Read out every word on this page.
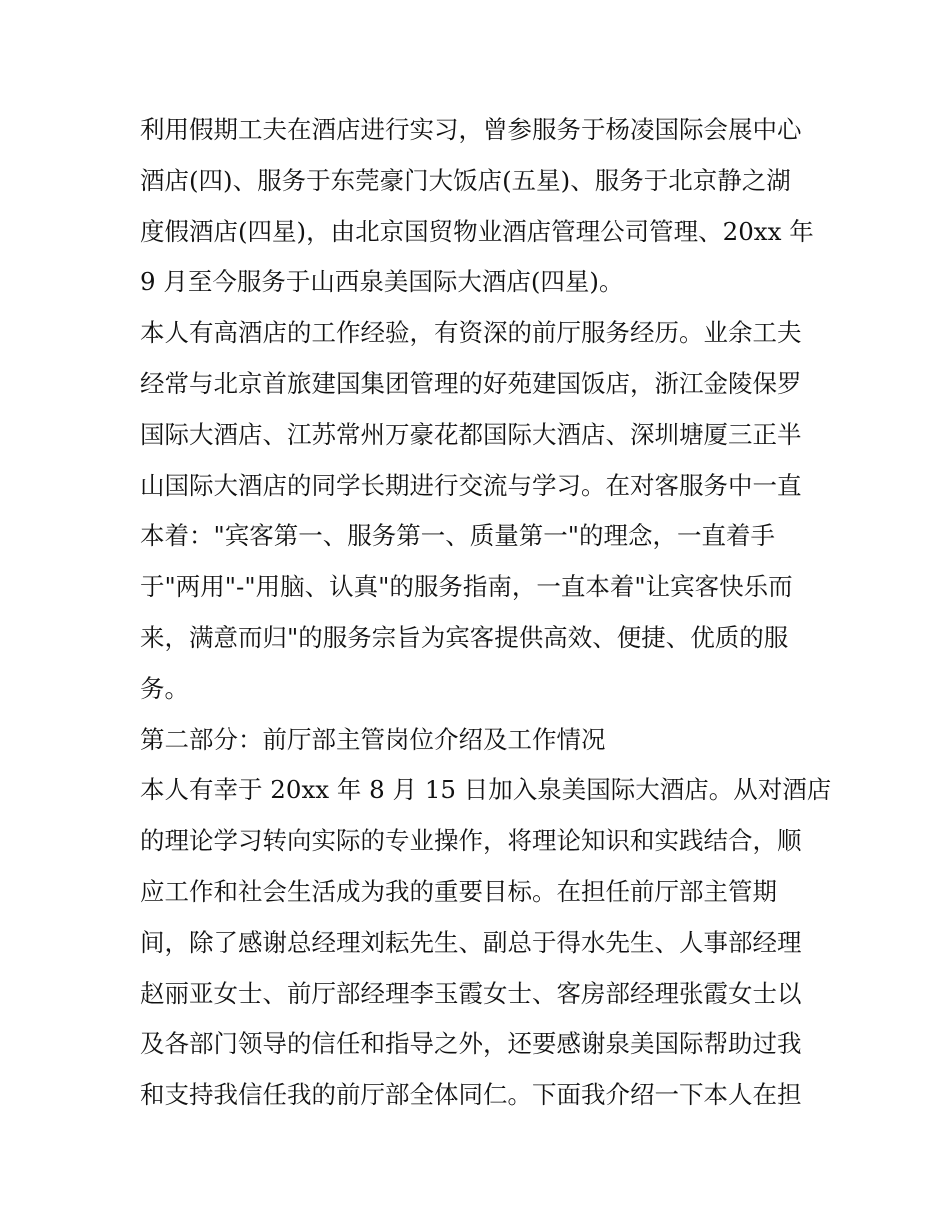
利用假期工夫在酒店进行实习，曾参服务于杨凌国际会展中心
酒店(四)、服务于东莞豪门大饭店(五星)、服务于北京静之湖
度假酒店(四星)，由北京国贸物业酒店管理公司管理、20xx 年
9 月至今服务于山西泉美国际大酒店(四星)。
本人有高酒店的工作经验，有资深的前厅服务经历。业余工夫
经常与北京首旅建国集团管理的好苑建国饭店，浙江金陵保罗
国际大酒店、江苏常州万豪花都国际大酒店、深圳塘厦三正半
山国际大酒店的同学长期进行交流与学习。在对客服务中一直
本着："宾客第一、服务第一、质量第一"的理念，一直着手
于"两用"-"用脑、认真"的服务指南，一直本着"让宾客快乐而
来，满意而归"的服务宗旨为宾客提供高效、便捷、优质的服
务。
第二部分：前厅部主管岗位介绍及工作情况
本人有幸于 20xx 年 8 月 15 日加入泉美国际大酒店。从对酒店
的理论学习转向实际的专业操作，将理论知识和实践结合，顺
应工作和社会生活成为我的重要目标。在担任前厅部主管期
间，除了感谢总经理刘耘先生、副总于得水先生、人事部经理
赵丽亚女士、前厅部经理李玉霞女士、客房部经理张霞女士以
及各部门领导的信任和指导之外，还要感谢泉美国际帮助过我
和支持我信任我的前厅部全体同仁。下面我介绍一下本人在担
